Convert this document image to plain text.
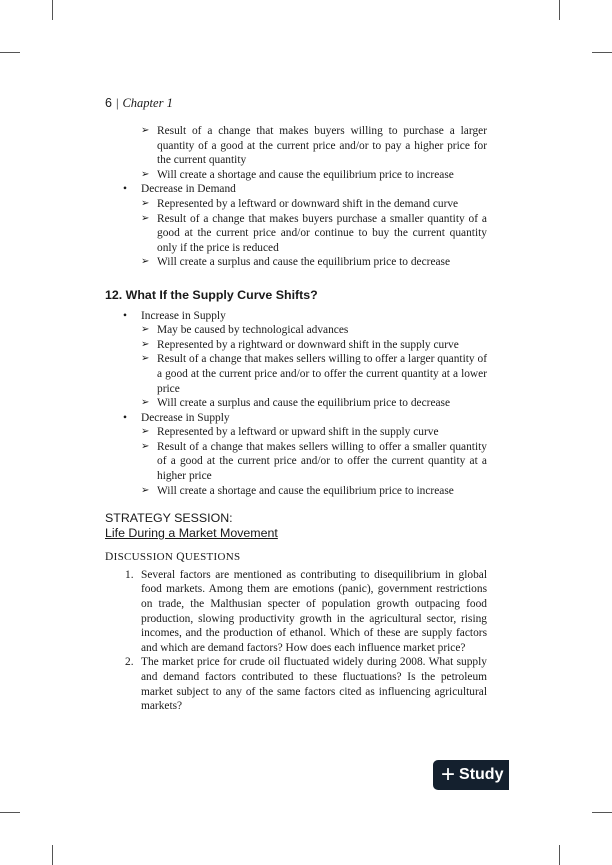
6 | Chapter 1
➢ Result of a change that makes buyers willing to purchase a larger quantity of a good at the current price and/or to pay a higher price for the current quantity
➢ Will create a shortage and cause the equilibrium price to increase
• Decrease in Demand
➢ Represented by a leftward or downward shift in the demand curve
➢ Result of a change that makes buyers purchase a smaller quantity of a good at the current price and/or continue to buy the current quantity only if the price is reduced
➢ Will create a surplus and cause the equilibrium price to decrease
12. What If the Supply Curve Shifts?
• Increase in Supply
➢ May be caused by technological advances
➢ Represented by a rightward or downward shift in the supply curve
➢ Result of a change that makes sellers willing to offer a larger quantity of a good at the current price and/or to offer the current quantity at a lower price
➢ Will create a surplus and cause the equilibrium price to decrease
• Decrease in Supply
➢ Represented by a leftward or upward shift in the supply curve
➢ Result of a change that makes sellers willing to offer a smaller quantity of a good at the current price and/or to offer the current quantity at a higher price
➢ Will create a shortage and cause the equilibrium price to increase
STRATEGY SESSION:
Life During a Market Movement
DISCUSSION QUESTIONS
1. Several factors are mentioned as contributing to disequilibrium in global food markets. Among them are emotions (panic), government restrictions on trade, the Malthusian specter of population growth outpacing food production, slowing productivity growth in the agricultural sector, rising incomes, and the production of ethanol. Which of these are supply factors and which are demand factors? How does each influence market price?
2. The market price for crude oil fluctuated widely during 2008. What supply and demand factors contributed to these fluctuations? Is the petroleum market subject to any of the same factors cited as influencing agricultural markets?
+ Study
